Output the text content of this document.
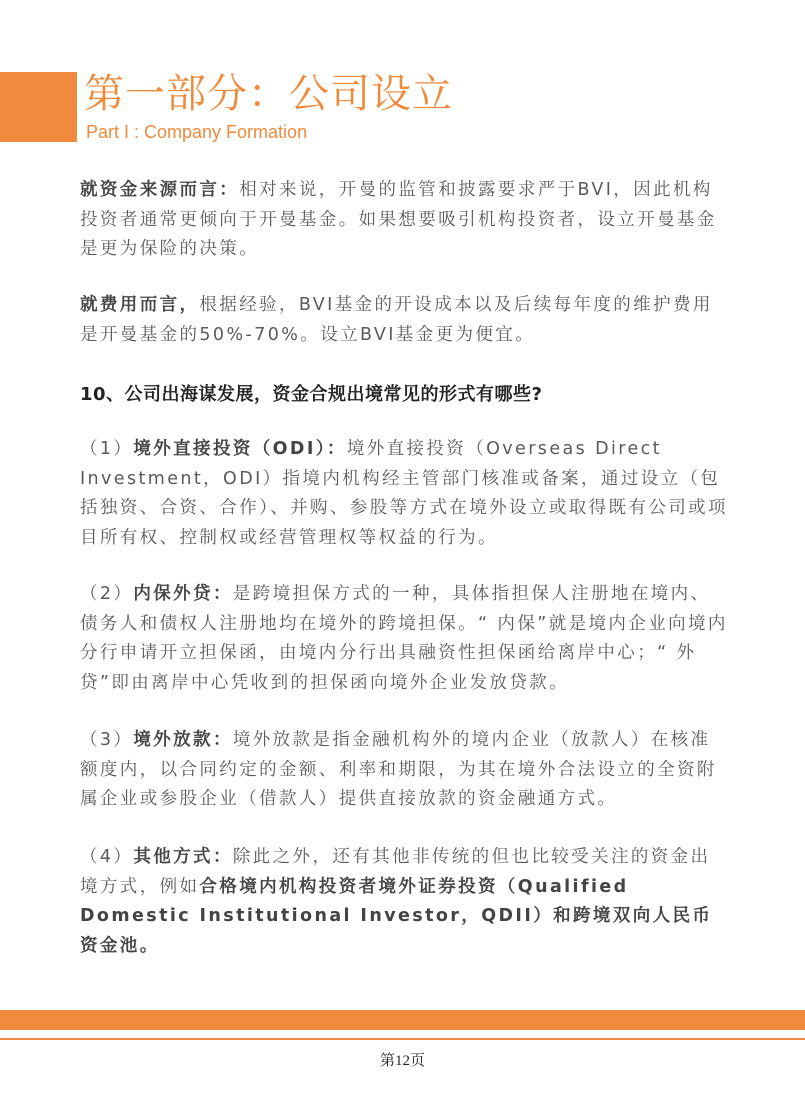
第一部分：公司设立
Part I : Company Formation

就资金来源而言：相对来说，开曼的监管和披露要求严于BVI，因此机构投资者通常更倾向于开曼基金。如果想要吸引机构投资者，设立开曼基金是更为保险的决策。

就费用而言，根据经验，BVI基金的开设成本以及后续每年度的维护费用是开曼基金的50%-70%。设立BVI基金更为便宜。

10、公司出海谋发展，资金合规出境常见的形式有哪些?

（1）境外直接投资（ODI）：境外直接投资（Overseas Direct Investment，ODI）指境内机构经主管部门核准或备案，通过设立（包括独资、合资、合作）、并购、参股等方式在境外设立或取得既有公司或项目所有权、控制权或经营管理权等权益的行为。

（2）内保外贷：是跨境担保方式的一种，具体指担保人注册地在境内、债务人和债权人注册地均在境外的跨境担保。“ 内保”就是境内企业向境内分行申请开立担保函，由境内分行出具融资性担保函给离岸中心；“ 外贷”即由离岸中心凭收到的担保函向境外企业发放贷款。

（3）境外放款：境外放款是指金融机构外的境内企业（放款人）在核准额度内，以合同约定的金额、利率和期限，为其在境外合法设立的全资附属企业或参股企业（借款人）提供直接放款的资金融通方式。

（4）其他方式：除此之外，还有其他非传统的但也比较受关注的资金出境方式，例如合格境内机构投资者境外证券投资（Qualified Domestic Institutional Investor，QDII）和跨境双向人民币资金池。

第12页
